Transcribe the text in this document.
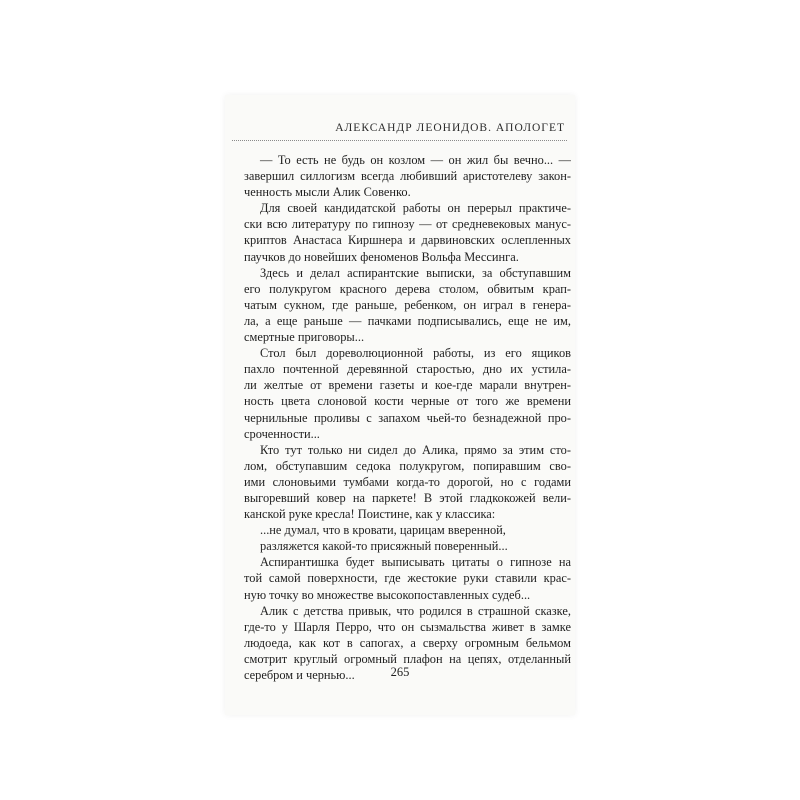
АЛЕКСАНДР ЛЕОНИДОВ. АПОЛОГЕТ
— То есть не будь он козлом — он жил бы вечно... —
завершил силлогизм всегда любивший аристотелеву закон-
ченность мысли Алик Совенко.
Для своей кандидатской работы он перерыл практиче-
ски всю литературу по гипнозу — от средневековых манус-
криптов Анастаса Киршнера и дарвиновских ослепленных
паучков до новейших феноменов Вольфа Мессинга.
Здесь и делал аспирантские выписки, за обступавшим
его полукругом красного дерева столом, обвитым крап-
чатым сукном, где раньше, ребенком, он играл в генера-
ла, а еще раньше — пачками подписывались, еще не им,
смертные приговоры...
Стол был дореволюционной работы, из его ящиков
пахло почтенной деревянной старостью, дно их устила-
ли желтые от времени газеты и кое-где марали внутрен-
ность цвета слоновой кости черные от того же времени
чернильные проливы с запахом чьей-то безнадежной про-
сроченности...
Кто тут только ни сидел до Алика, прямо за этим сто-
лом, обступавшим седока полукругом, попиравшим сво-
ими слоновьими тумбами когда-то дорогой, но с годами
выгоревший ковер на паркете! В этой гладкокожей вели-
канской руке кресла! Поистине, как у классика:
...не думал, что в кровати, царицам вверенной,
разляжется какой-то присяжный поверенный...
Аспирантишка будет выписывать цитаты о гипнозе на
той самой поверхности, где жестокие руки ставили крас-
ную точку во множестве высокопоставленных судеб...
Алик с детства привык, что родился в страшной сказке,
где-то у Шарля Перро, что он сызмальства живет в замке
людоеда, как кот в сапогах, а сверху огромным бельмом
смотрит круглый огромный плафон на цепях, отделанный
серебром и чернью...	265
